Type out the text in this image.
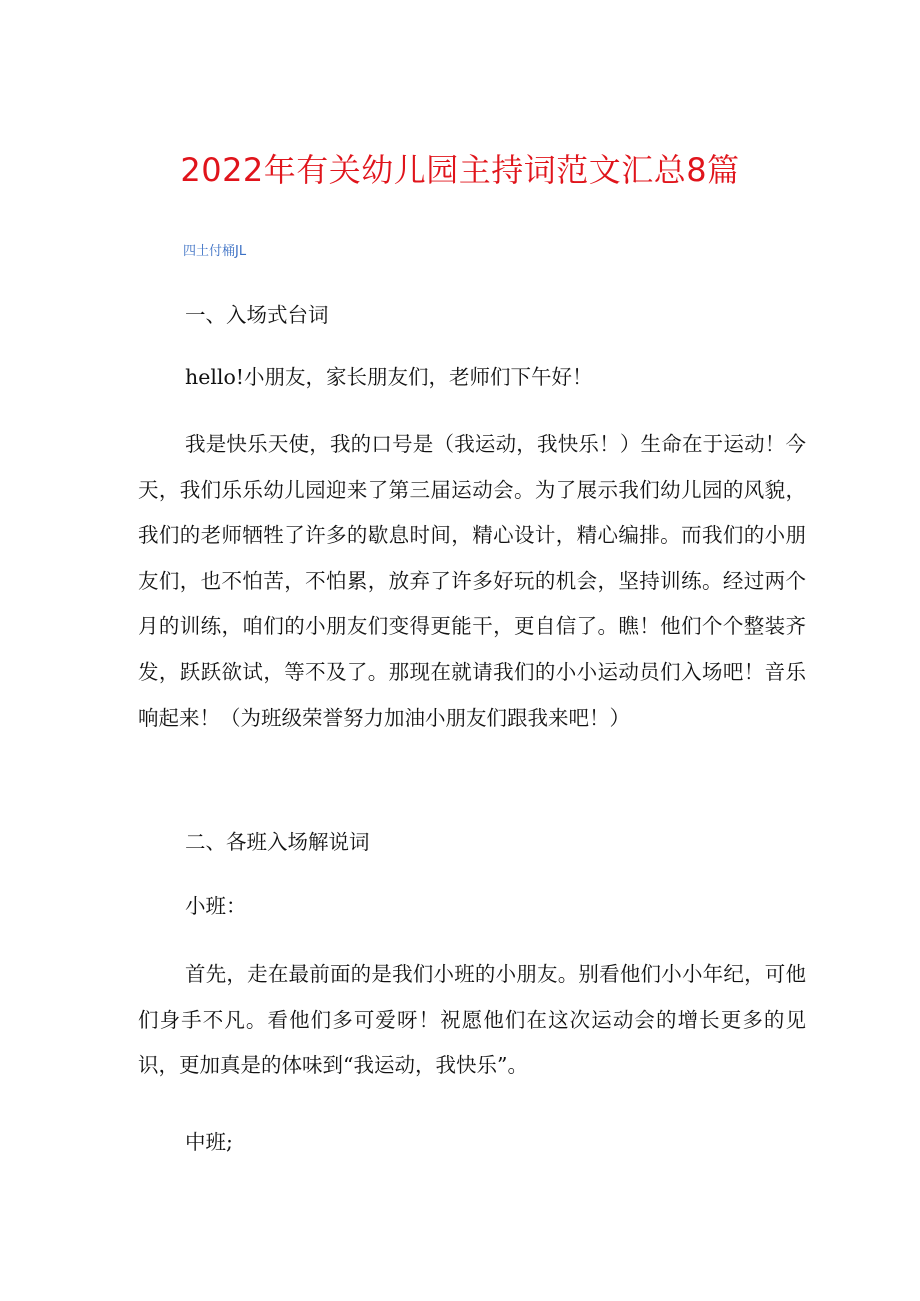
2022年有关幼儿园主持词范文汇总8篇
四土付桶JL
一、入场式台词
hello!小朋友，家长朋友们，老师们下午好！
我是快乐天使，我的口号是（我运动，我快乐！）生命在于运动！今天，我们乐乐幼儿园迎来了第三届运动会。为了展示我们幼儿园的风貌，我们的老师牺牲了许多的歇息时间，精心设计，精心编排。而我们的小朋友们，也不怕苦，不怕累，放弃了许多好玩的机会，坚持训练。经过两个月的训练，咱们的小朋友们变得更能干，更自信了。瞧！他们个个整装齐发，跃跃欲试，等不及了。那现在就请我们的小小运动员们入场吧！音乐响起来！（为班级荣誉努力加油小朋友们跟我来吧！）
二、各班入场解说词
小班：
首先，走在最前面的是我们小班的小朋友。别看他们小小年纪，可他们身手不凡。看他们多可爱呀！祝愿他们在这次运动会的增长更多的见识，更加真是的体味到“我运动，我快乐”。
中班;
